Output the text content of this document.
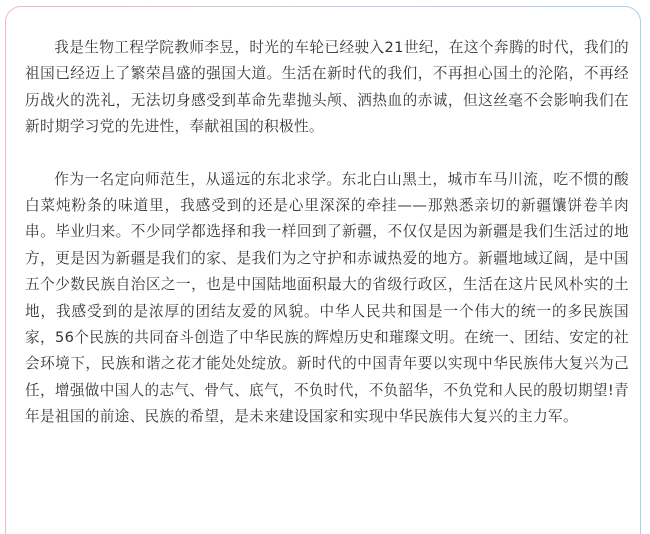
我是生物工程学院教师李昱，时光的车轮已经驶入21世纪，在这个奔腾的时代，我们的祖国已经迈上了繁荣昌盛的强国大道。生活在新时代的我们，不再担心国土的沦陷，不再经历战火的洗礼，无法切身感受到革命先辈抛头颅、洒热血的赤诚，但这丝毫不会影响我们在新时期学习党的先进性，奉献祖国的积极性。

作为一名定向师范生，从遥远的东北求学。东北白山黑土，城市车马川流，吃不惯的酸白菜炖粉条的味道里，我感受到的还是心里深深的牵挂——那熟悉亲切的新疆馕饼卷羊肉串。毕业归来。不少同学都选择和我一样回到了新疆，不仅仅是因为新疆是我们生活过的地方，更是因为新疆是我们的家、是我们为之守护和赤诚热爱的地方。新疆地域辽阔，是中国五个少数民族自治区之一，也是中国陆地面积最大的省级行政区，生活在这片民风朴实的土地，我感受到的是浓厚的团结友爱的风貌。中华人民共和国是一个伟大的统一的多民族国家，56个民族的共同奋斗创造了中华民族的辉煌历史和璀璨文明。在统一、团结、安定的社会环境下，民族和谐之花才能处处绽放。新时代的中国青年要以实现中华民族伟大复兴为己任，增强做中国人的志气、骨气、底气，不负时代，不负韶华，不负党和人民的殷切期望!青年是祖国的前途、民族的希望，是未来建设国家和实现中华民族伟大复兴的主力军。
